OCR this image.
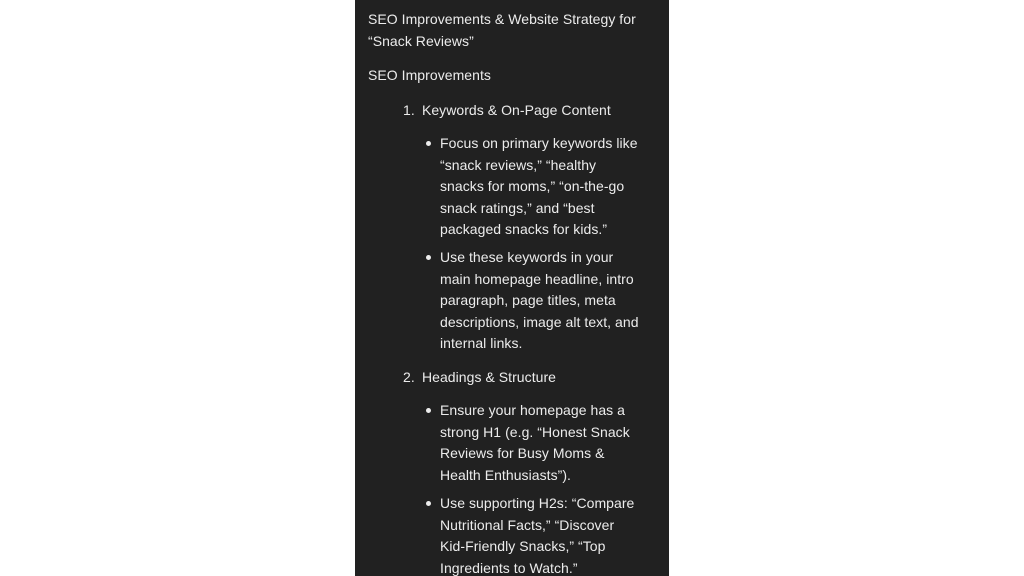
SEO Improvements & Website Strategy for “Snack Reviews”
SEO Improvements
1. Keywords & On-Page Content
Focus on primary keywords like “snack reviews,” “healthy snacks for moms,” “on-the-go snack ratings,” and “best packaged snacks for kids.”
Use these keywords in your main homepage headline, intro paragraph, page titles, meta descriptions, image alt text, and internal links.
2. Headings & Structure
Ensure your homepage has a strong H1 (e.g. “Honest Snack Reviews for Busy Moms & Health Enthusiasts”).
Use supporting H2s: “Compare Nutritional Facts,” “Discover Kid-Friendly Snacks,” “Top Ingredients to Watch.”
